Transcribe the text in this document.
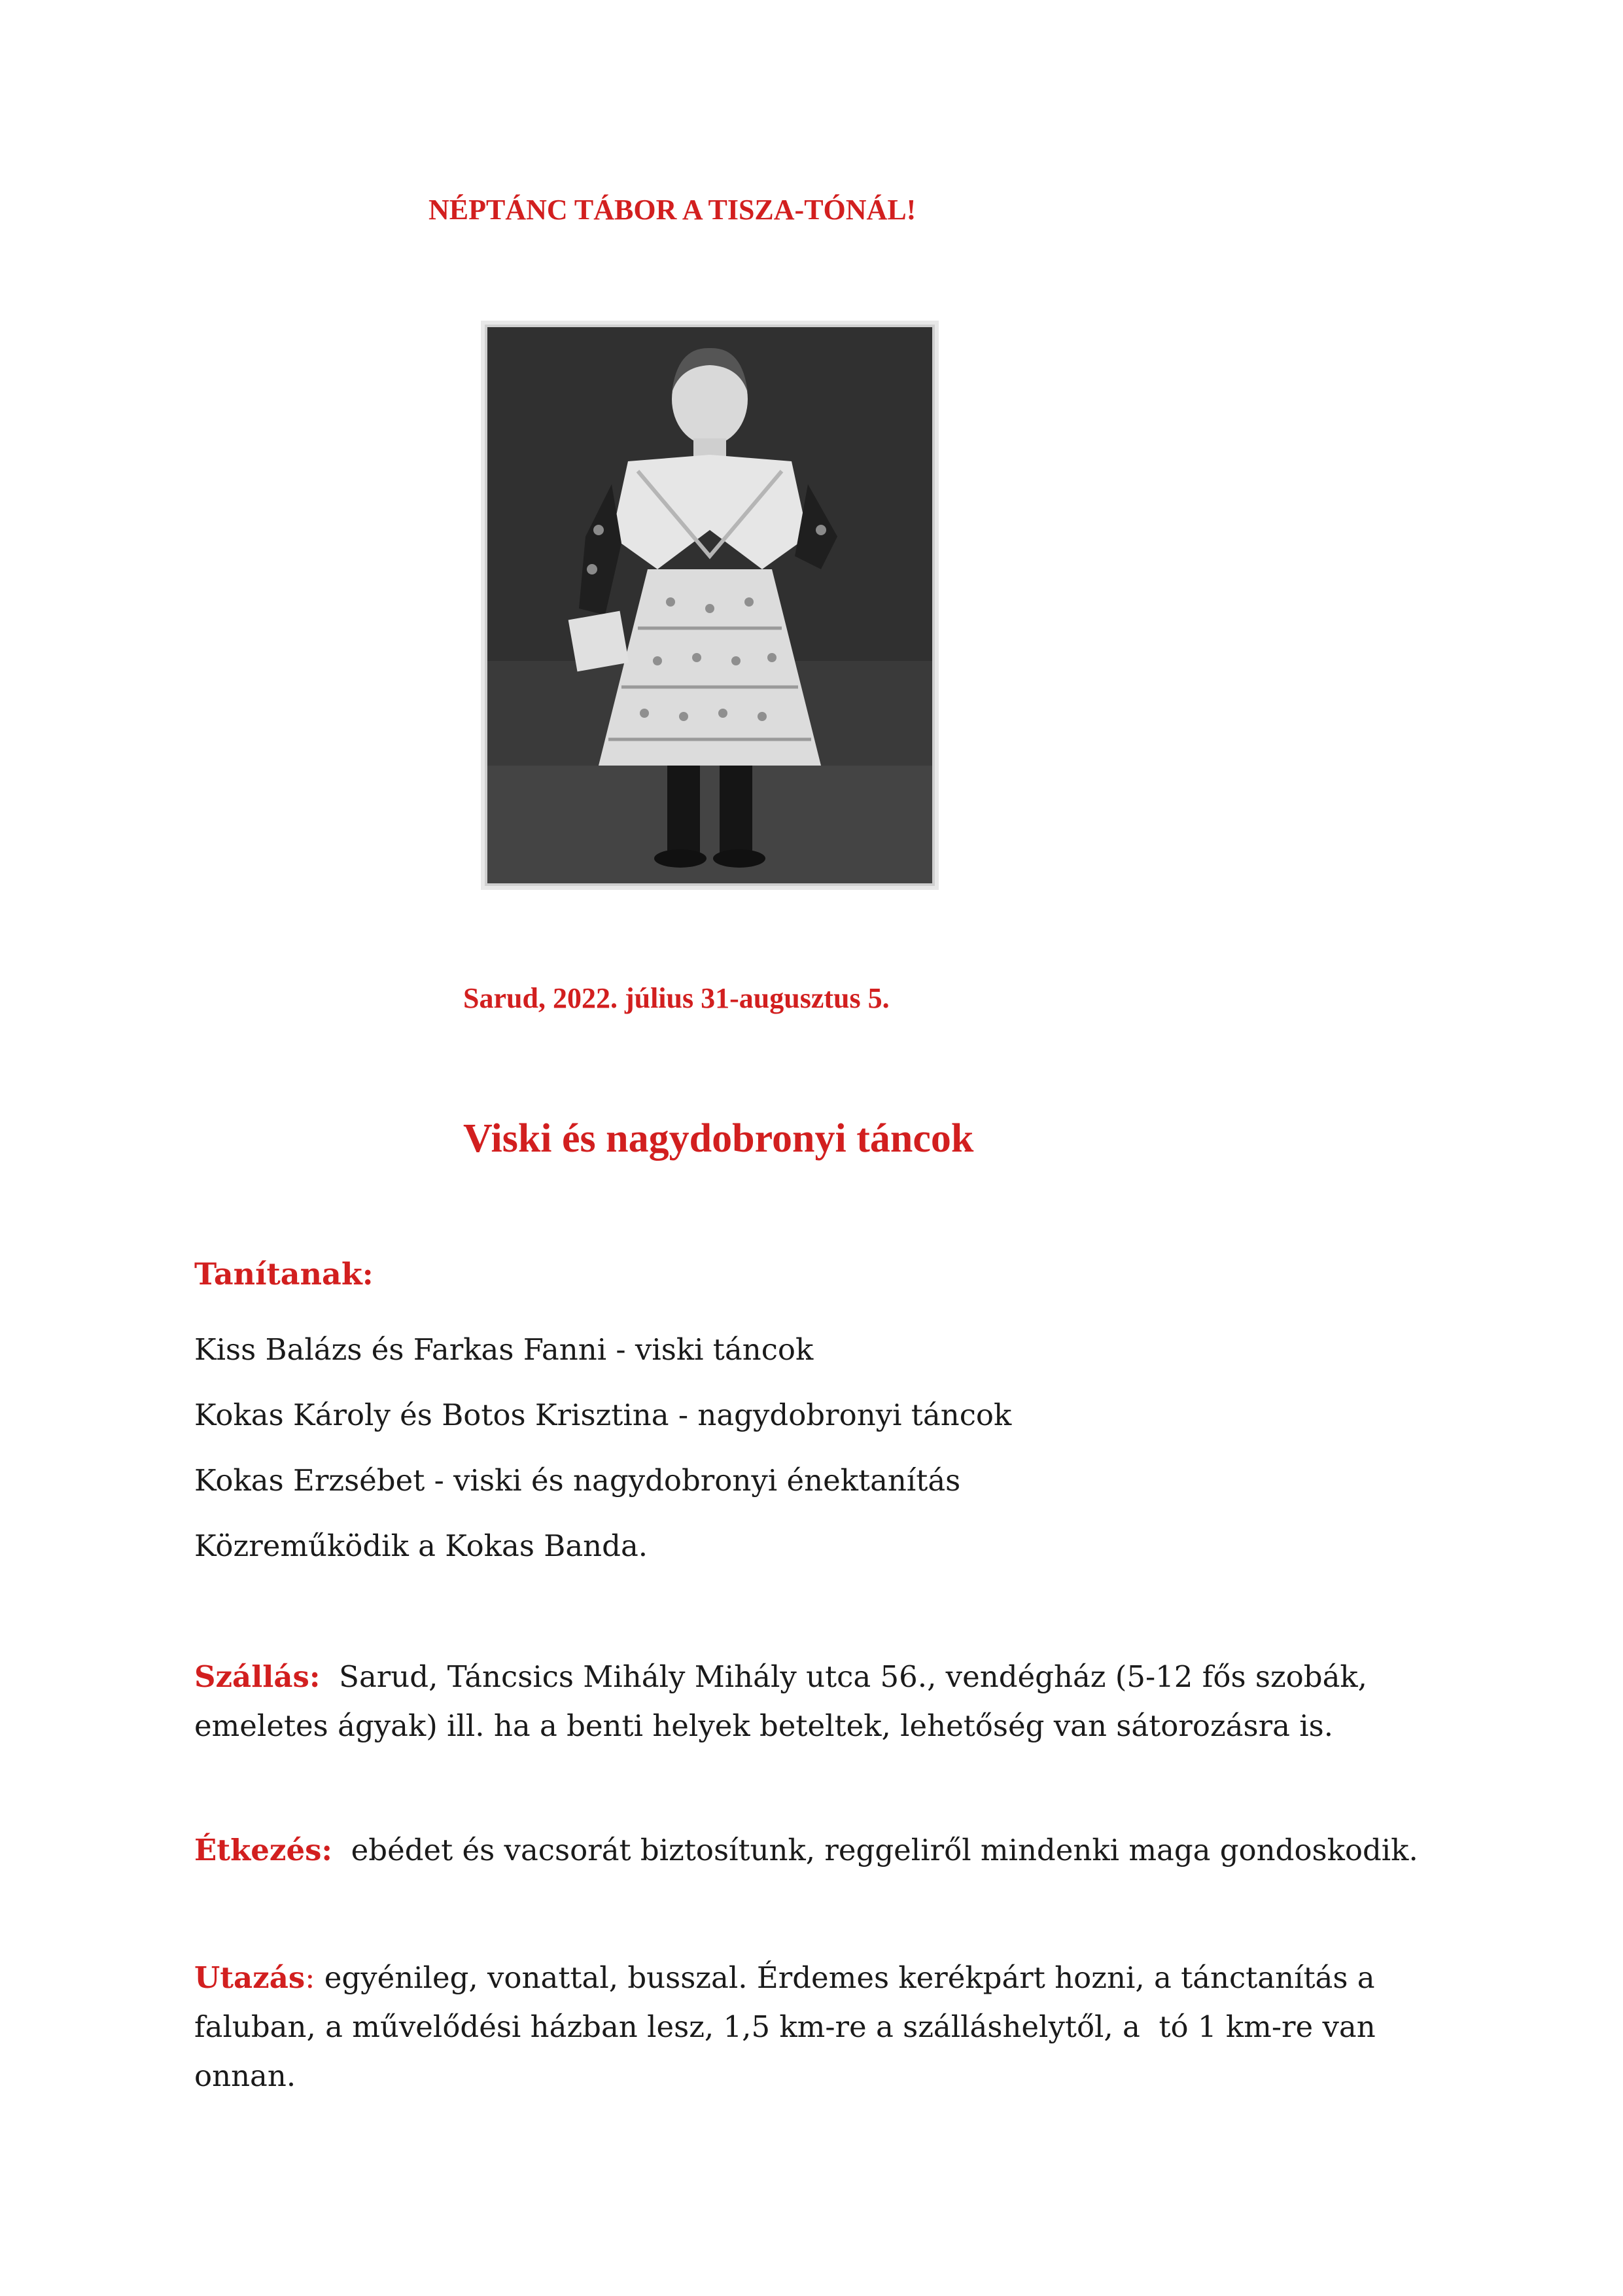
NÉPTÁNC TÁBOR A TISZA-TÓNÁL!
Sarud, 2022. július 31-augusztus 5.
Viski és nagydobronyi táncok
Tanítanak:
Kiss Balázs és Farkas Fanni - viski táncok
Kokas Károly és Botos Krisztina - nagydobronyi táncok
Kokas Erzsébet - viski és nagydobronyi énektanítás
Közreműködik a Kokas Banda.
Szállás:  Sarud, Táncsics Mihály Mihály utca 56., vendégház (5-12 fős szobák,
emeletes ágyak) ill. ha a benti helyek beteltek, lehetőség van sátorozásra is.
Étkezés:  ebédet és vacsorát biztosítunk, reggeliről mindenki maga gondoskodik.
Utazás: egyénileg, vonattal, busszal. Érdemes kerékpárt hozni, a tánctanítás a
faluban, a művelődési házban lesz, 1,5 km-re a szálláshelytől, a  tó 1 km-re van
onnan.
